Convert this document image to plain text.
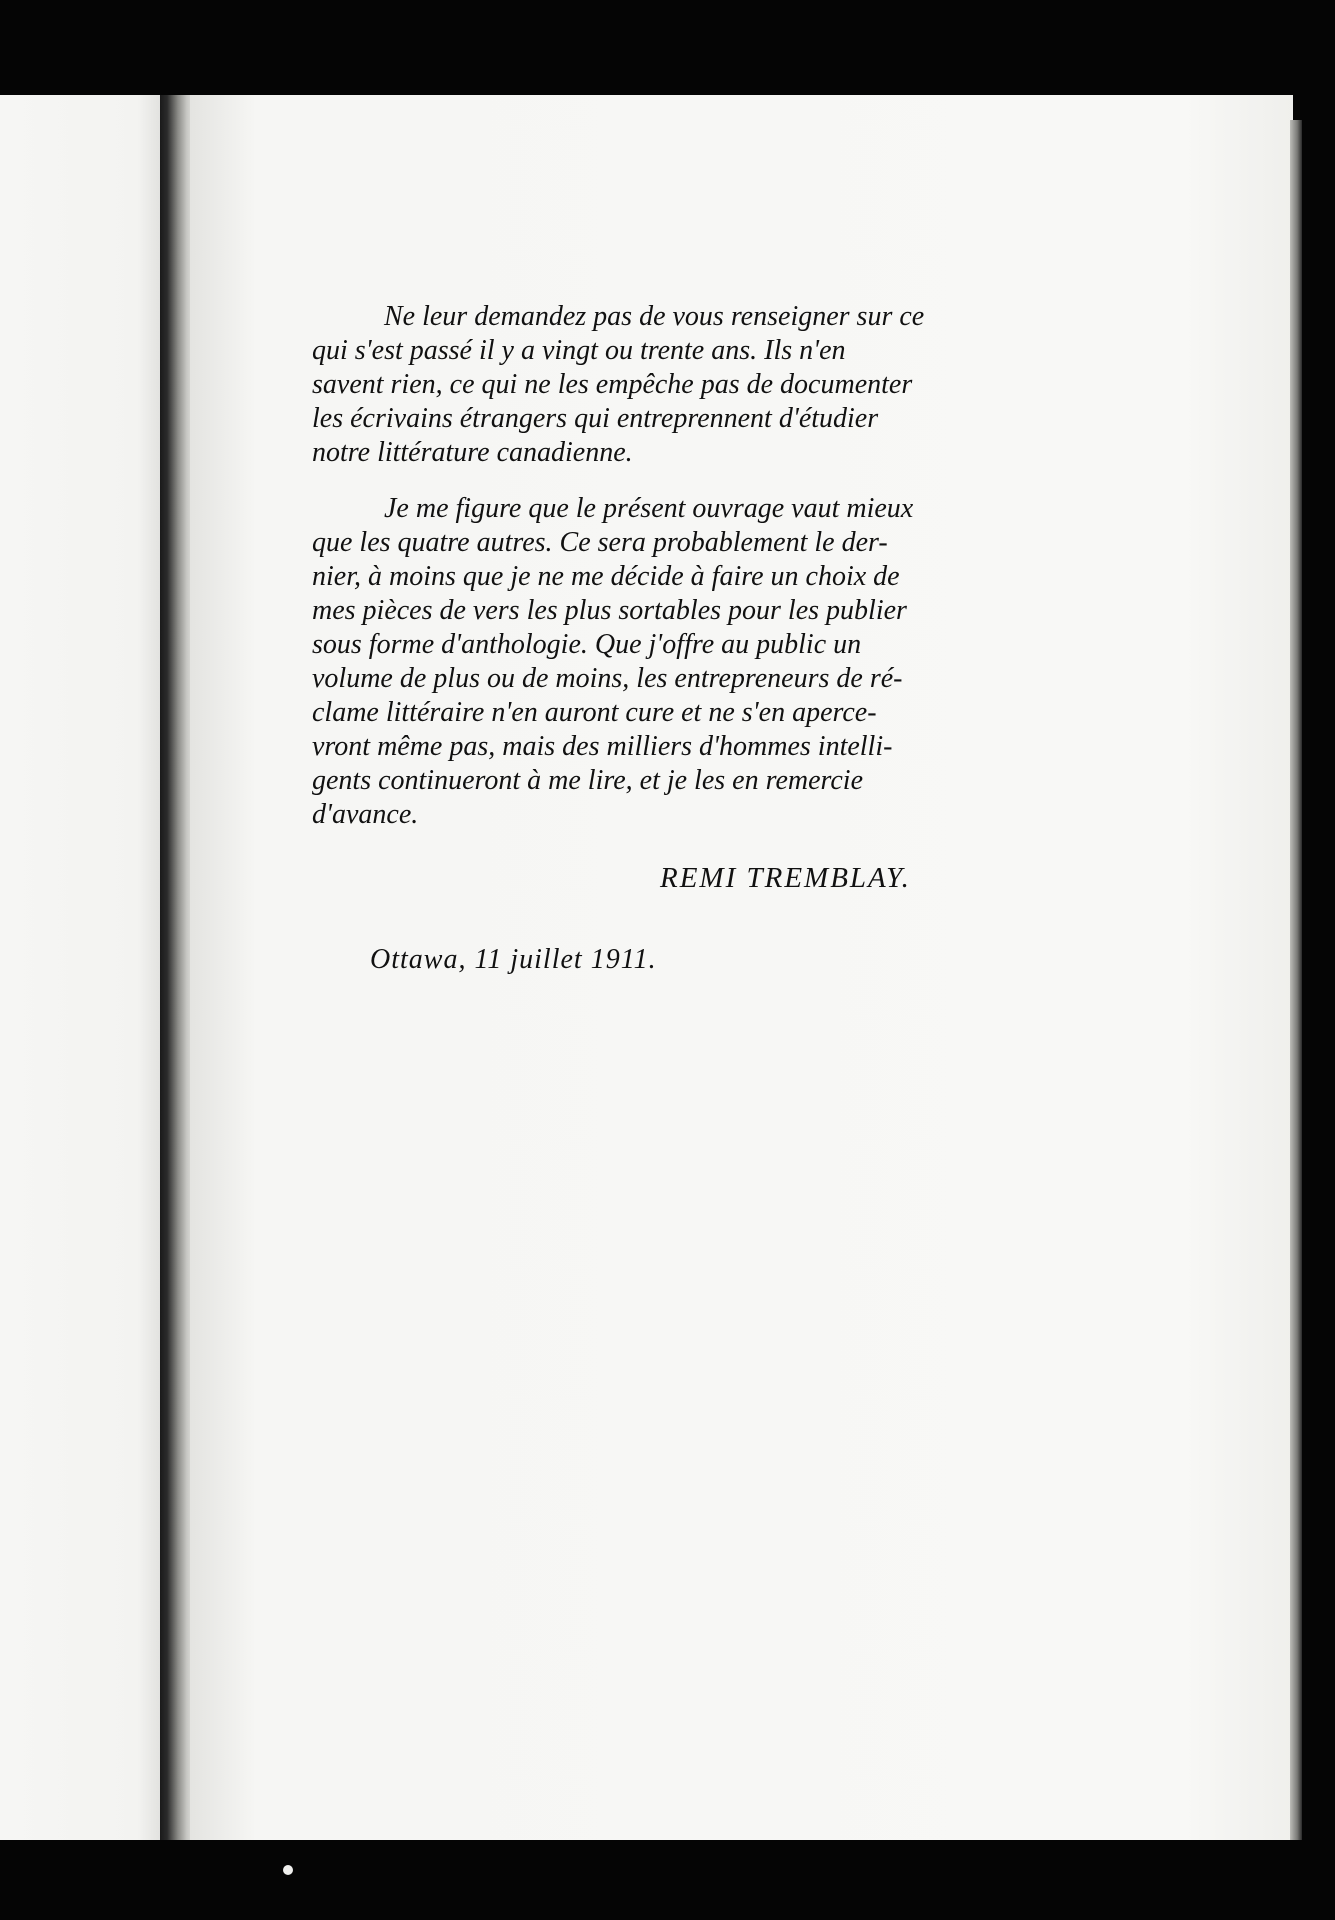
Ne leur demandez pas de vous renseigner sur ce
qui s'est passé il y a vingt ou trente ans. Ils n'en
savent rien, ce qui ne les empêche pas de documenter
les écrivains étrangers qui entreprennent d'étudier
notre littérature canadienne.
Je me figure que le présent ouvrage vaut mieux
que les quatre autres. Ce sera probablement le der-
nier, à moins que je ne me décide à faire un choix de
mes pièces de vers les plus sortables pour les publier
sous forme d'anthologie. Que j'offre au public un
volume de plus ou de moins, les entrepreneurs de ré-
clame littéraire n'en auront cure et ne s'en aperce-
vront même pas, mais des milliers d'hommes intelli-
gents continueront à me lire, et je les en remercie
d'avance.
REMI TREMBLAY.
Ottawa, 11 juillet 1911.
